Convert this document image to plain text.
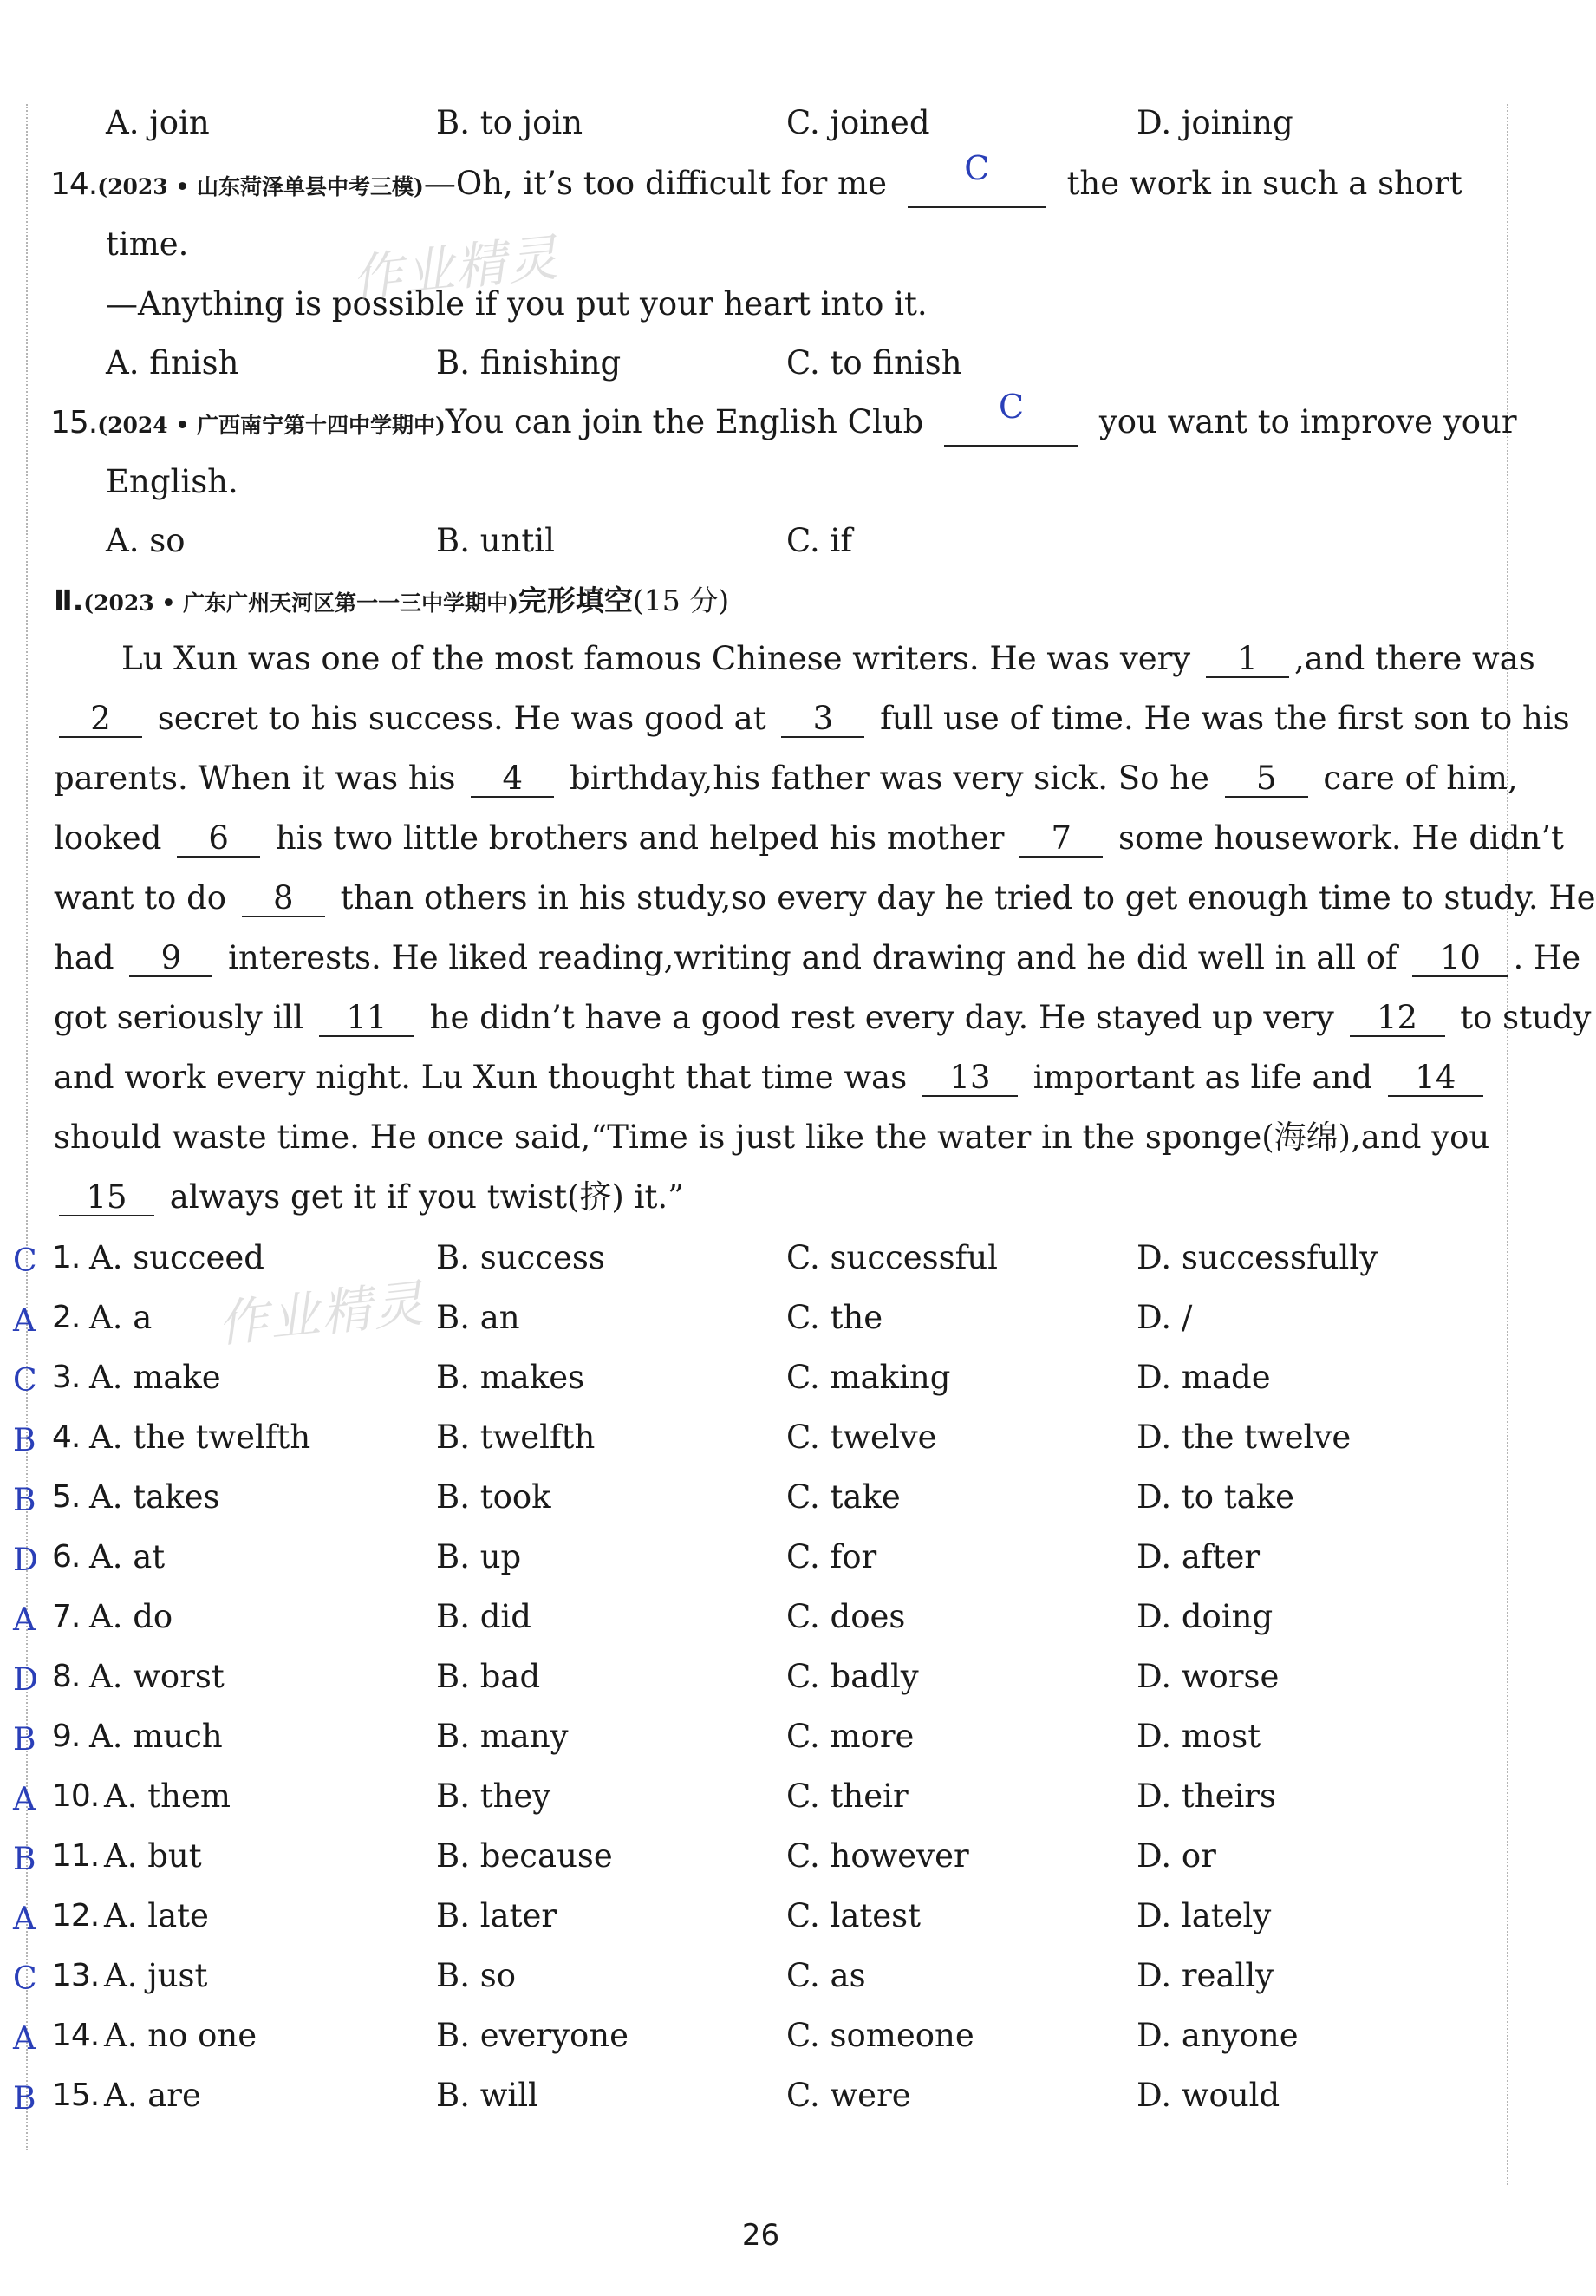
A. join	B. to join	C. joined	D. joining
14.(2023 • 山东菏泽单县中考三模)—Oh, it’s too difficult for me	C	the work in such a short
time.
—Anything is possible if you put your heart into it.
A. finish	B. finishing	C. to finish
作业精灵
15.(2024 • 广西南宁第十四中学期中)You can join the English Club	C	you want to improve your
English.
A. so	B. until	C. if
Ⅱ.(2023 • 广东广州天河区第一一三中学期中)完形填空(15 分)
Lu Xun was one of the most famous Chinese writers. He was very 1 ,and there was
2 secret to his success. He was good at 3 full use of time. He was the first son to his
parents. When it was his 4 birthday,his father was very sick. So he 5 care of him,
looked 6 his two little brothers and helped his mother 7 some housework. He didn’t
want to do 8 than others in his study,so every day he tried to get enough time to study. He
had 9 interests. He liked reading,writing and drawing and he did well in all of 10 . He
got seriously ill 11 he didn’t have a good rest every day. He stayed up very 12 to study
and work every night. Lu Xun thought that time was 13 important as life and 14
should waste time. He once said,“Time is just like the water in the sponge(海绵),and you
15 always get it if you twist(挤) it.”
作业精灵
C 1. A. succeed	B. success	C. successful	D. successfully
A 2. A. a	B. an	C. the	D. /
C 3. A. make	B. makes	C. making	D. made
B 4. A. the twelfth	B. twelfth	C. twelve	D. the twelve
B 5. A. takes	B. took	C. take	D. to take
D 6. A. at	B. up	C. for	D. after
A 7. A. do	B. did	C. does	D. doing
D 8. A. worst	B. bad	C. badly	D. worse
B 9. A. much	B. many	C. more	D. most
A 10. A. them	B. they	C. their	D. theirs
B 11. A. but	B. because	C. however	D. or
A 12. A. late	B. later	C. latest	D. lately
C 13. A. just	B. so	C. as	D. really
A 14. A. no one	B. everyone	C. someone	D. anyone
B 15. A. are	B. will	C. were	D. would
26
